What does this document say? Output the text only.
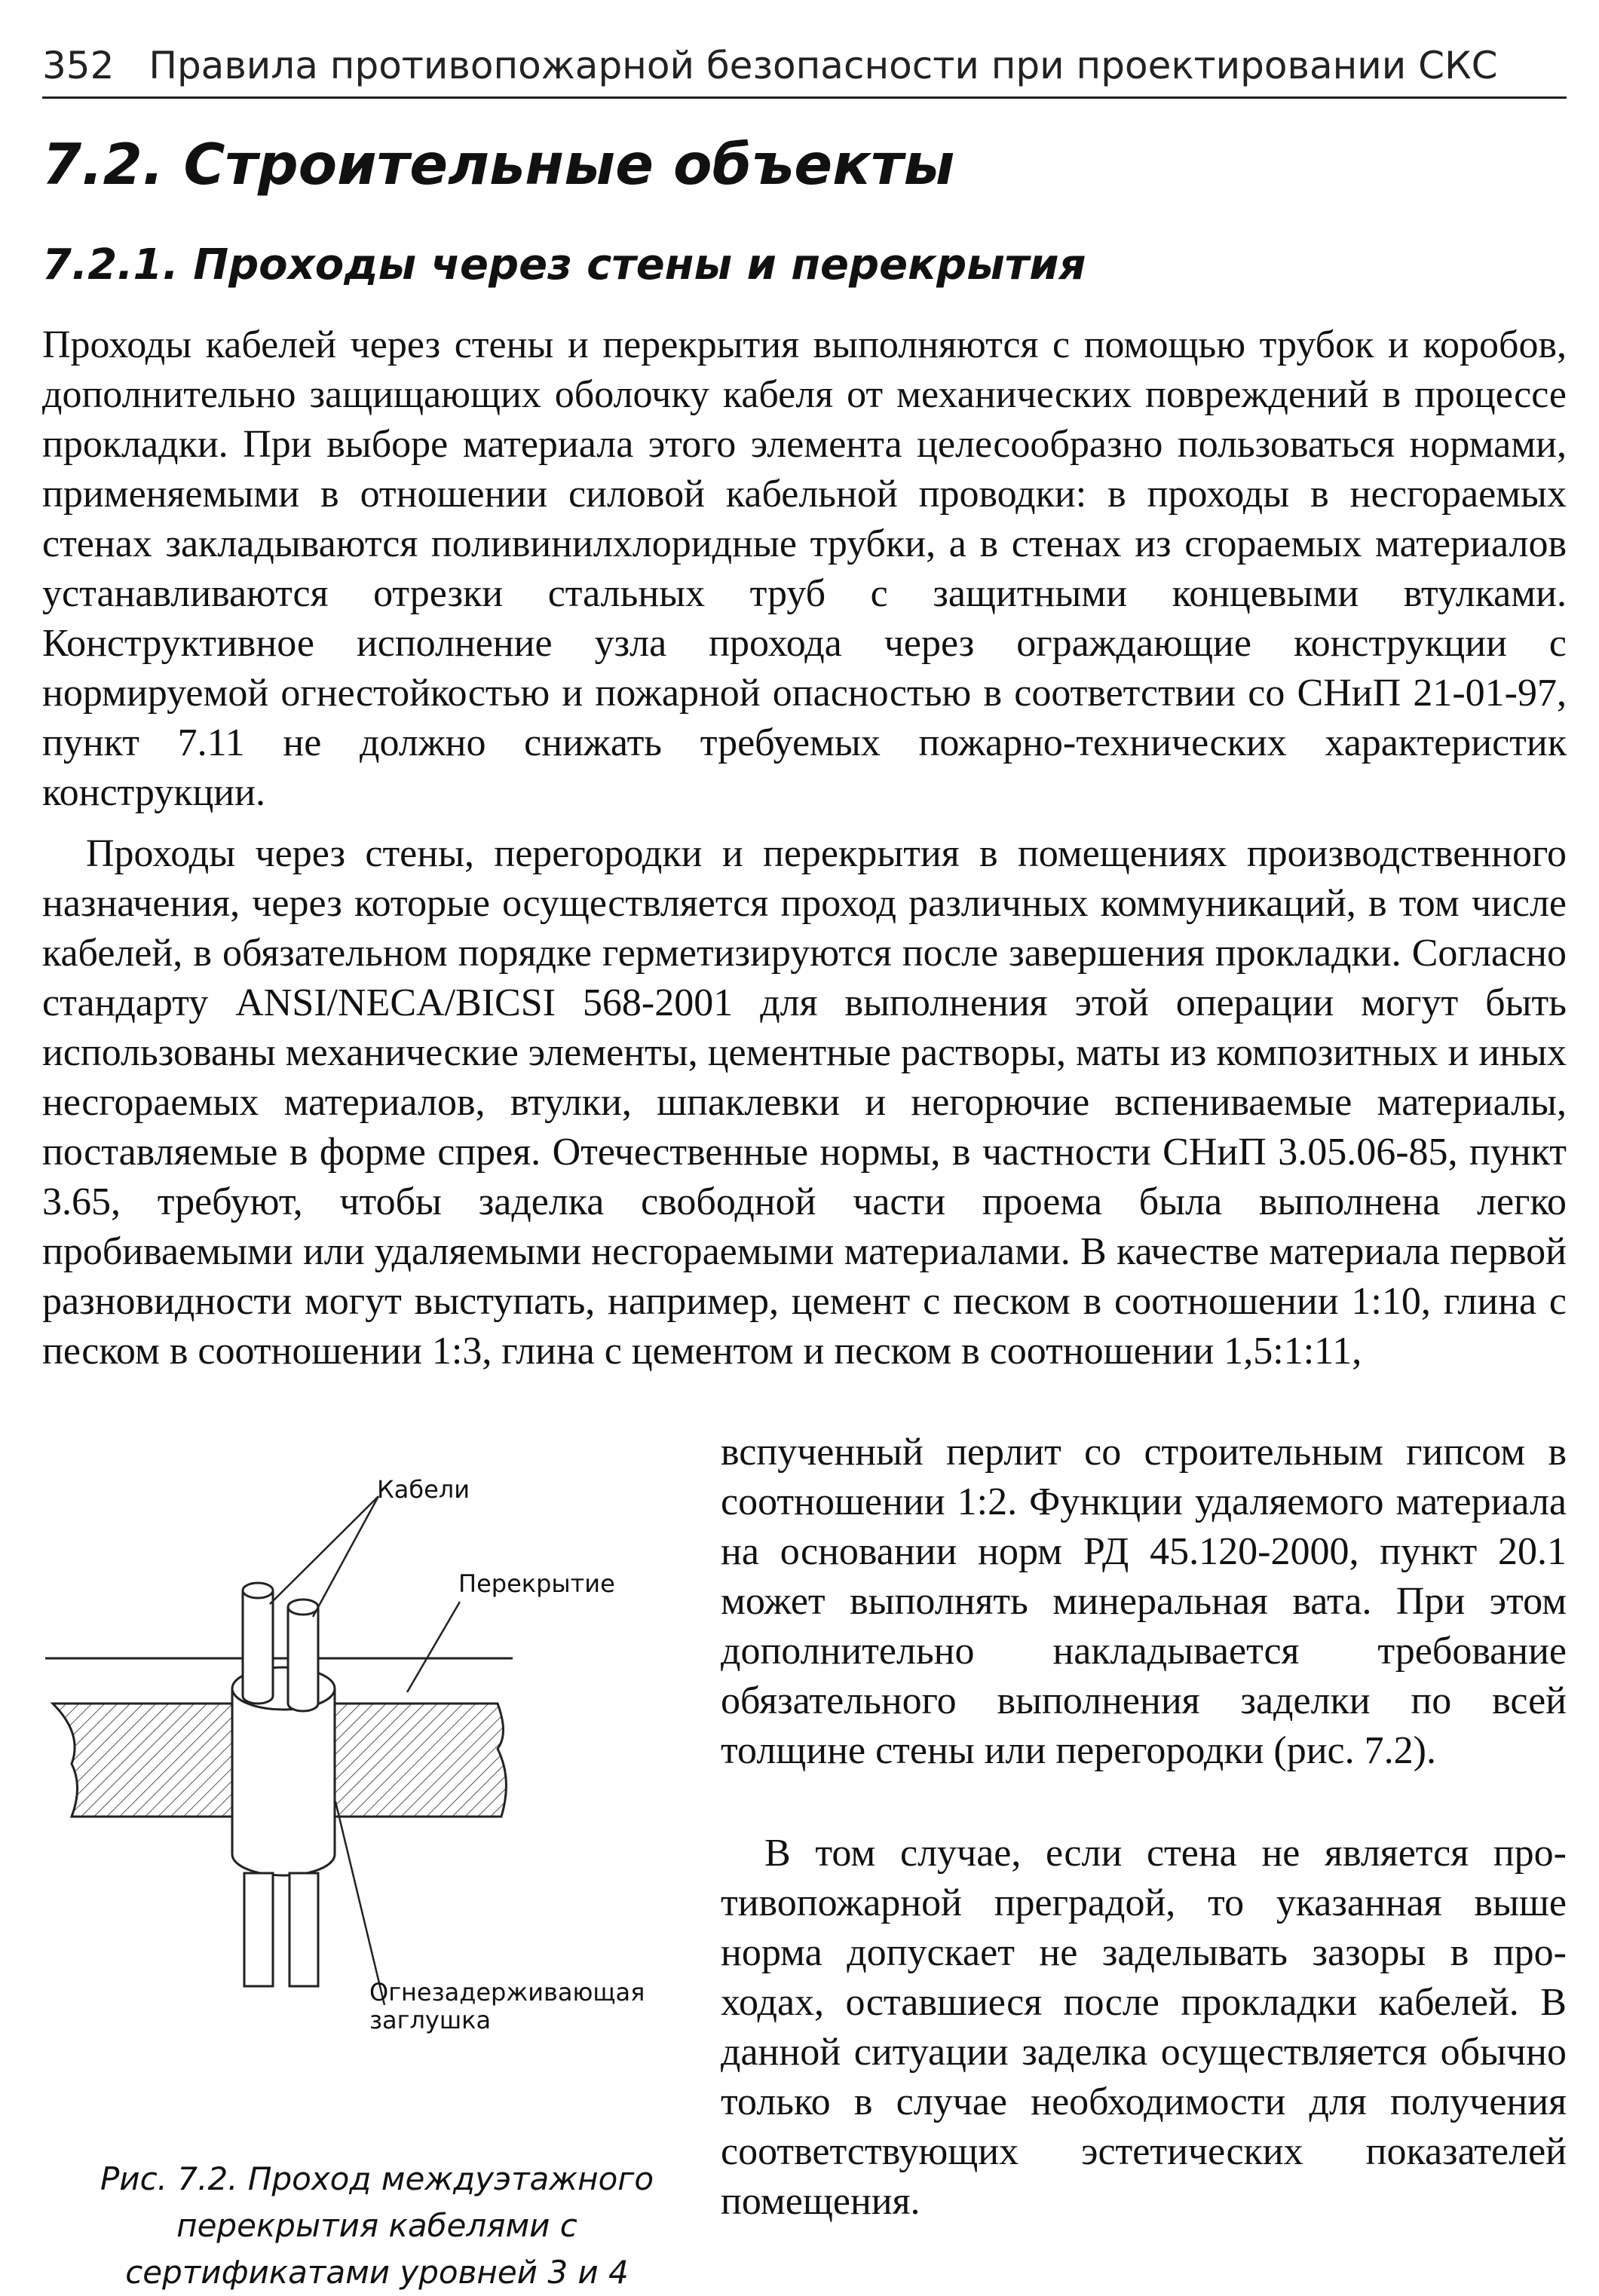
352 Правила противопожарной безопасности при проектировании СКС
7.2. Строительные объекты
7.2.1. Проходы через стены и перекрытия

Проходы кабелей через стены и перекрытия выполняются с помощью трубок и коробов, дополнительно защищающих оболочку кабеля от механических повреждений в процессе прокладки. При выборе материала этого элемента целесообразно пользоваться нормами, применяемыми в отношении силовой кабельной проводки: в проходы в несгораемых стенах закладываются поливинилхлоридные трубки, а в стенах из сгораемых материалов устанавливаются отрезки стальных труб с защитными концевыми втулками. Конструктивное исполнение узла прохода через ограждающие конструкции с нормируемой огнестойкостью и пожарной опасностью в соответствии со СНиП 21-01-97, пункт 7.11 не должно снижать требуемых пожарно-технических характеристик конструкции.

Проходы через стены, перегородки и перекрытия в помещениях производственного назначения, через которые осуществляется проход различных коммуникаций, в том числе кабелей, в обязательном порядке герметизируются после завершения прокладки. Согласно стандарту ANSI/NECA/BICSI 568-2001 для выполнения этой операции могут быть использованы механические элементы, цементные растворы, маты из композитных и иных несгораемых материалов, втулки, шпаклевки и негорючие вспениваемые материалы, поставляемые в форме спрея. Отечественные нормы, в частности СНиП 3.05.06-85, пункт 3.65, требуют, чтобы заделка свободной части проема была выполнена легко пробиваемыми или удаляемыми несгораемыми материалами. В качестве материала первой разновидности могут выступать, например, цемент с песком в соотношении 1:10, глина с песком в соотношении 1:3, глина с цементом и песком в соотношении 1,5:1:11,

Кабели
Перекрытие
Огнезадерживающая
заглушка

Рис. 7.2. Проход междуэтажного перекрытия кабелями с сертификатами уровней 3 и 4

вспученный перлит со строительным гипсом в соотношении 1:2. Функции удаляемого материала на основании норм РД 45.120-2000, пункт 20.1 может выполнять минеральная вата. При этом дополнительно накладывается требование обязательного выполнения заделки по всей толщине стены или перегородки (рис. 7.2).

В том случае, если стена не является противопожарной преградой, то указанная выше норма допускает не заделывать зазоры в проходах, оставшиеся после прокладки кабелей. В данной ситуации заделка осуществляется обычно только в случае необходимости для получения соответствующих эстетических показателей помещения.
